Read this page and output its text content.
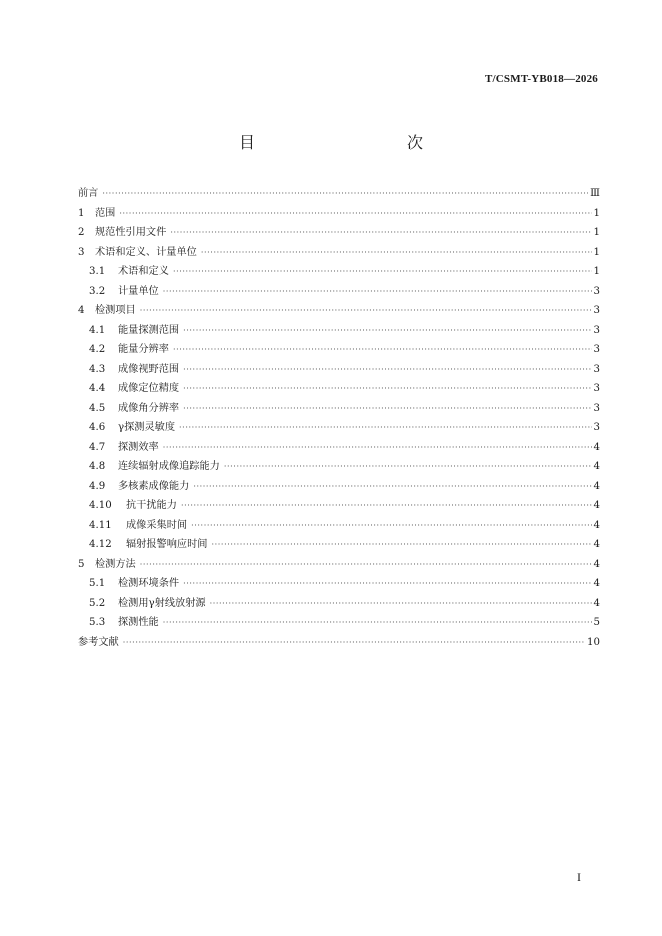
T/CSMT-YB018—2026
目　　次
前言 ·····	Ⅲ
1	范围 ·····	1
2	规范性引用文件 ·····	1
3	术语和定义、计量单位 ·····	1
3.1	术语和定义 ·····	1
3.2	计量单位 ·····	3
4	检测项目 ·····	3
4.1	能量探测范围 ·····	3
4.2	能量分辨率 ·····	3
4.3	成像视野范围 ·····	3
4.4	成像定位精度 ·····	3
4.5	成像角分辨率 ·····	3
4.6	γ探测灵敏度 ·····	3
4.7	探测效率 ·····	4
4.8	连续辐射成像追踪能力 ·····	4
4.9	多核素成像能力 ·····	4
4.10	抗干扰能力 ·····	4
4.11	成像采集时间 ·····	4
4.12	辐射报警响应时间 ·····	4
5	检测方法 ·····	4
5.1	检测环境条件 ·····	4
5.2	检测用γ射线放射源 ·····	4
5.3	探测性能 ·····	5
参考文献 ·····	10
I
